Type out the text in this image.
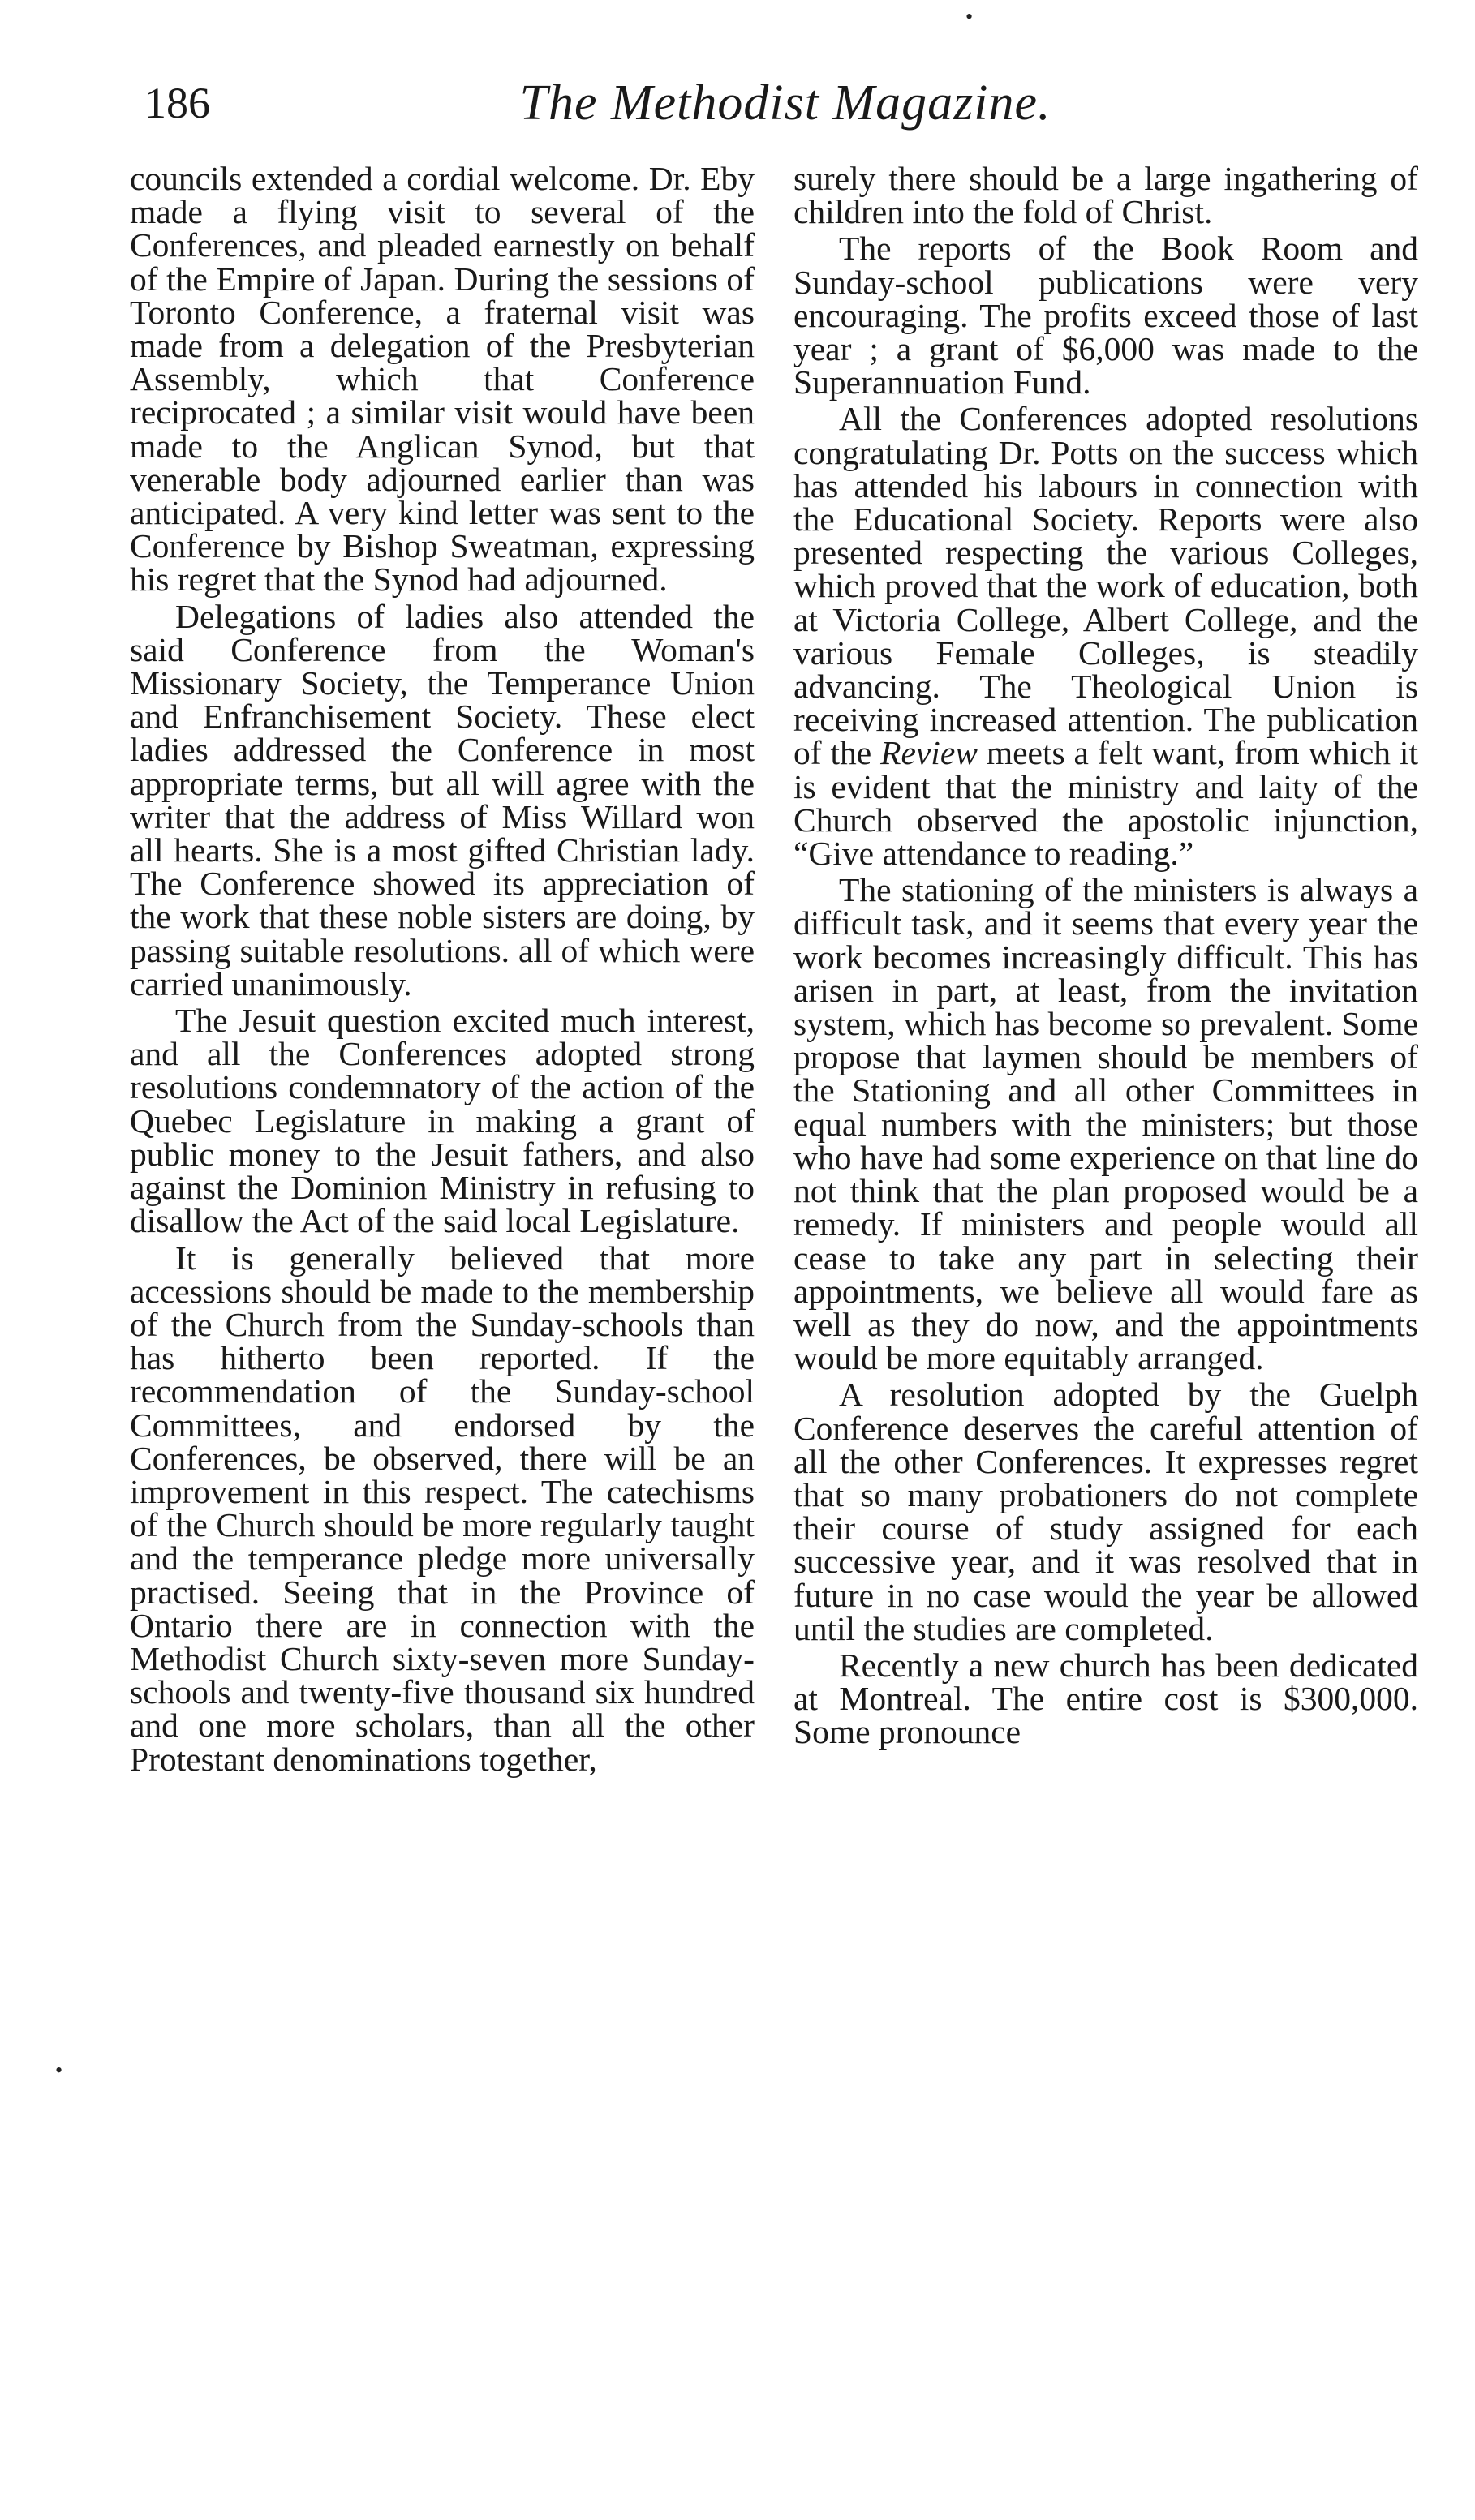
•
•
186	The Methodist Magazine.

councils extended a cordial welcome. Dr. Eby made a flying visit to several of the Conferences, and pleaded earnestly on behalf of the Empire of Japan. During the sessions of Toronto Conference, a fraternal visit was made from a delegation of the Presbyterian Assembly, which that Conference reciprocated ; a similar visit would have been made to the Anglican Synod, but that venerable body adjourned earlier than was anticipated. A very kind letter was sent to the Conference by Bishop Sweatman, expressing his regret that the Synod had adjourned.

Delegations of ladies also attended the said Conference from the Woman's Missionary Society, the Temperance Union and Enfranchisement Society. These elect ladies addressed the Conference in most appropriate terms, but all will agree with the writer that the address of Miss Willard won all hearts. She is a most gifted Christian lady. The Conference showed its appreciation of the work that these noble sisters are doing, by passing suitable resolutions. all of which were carried unanimously.

The Jesuit question excited much interest, and all the Conferences adopted strong resolutions condemnatory of the action of the Quebec Legislature in making a grant of public money to the Jesuit fathers, and also against the Dominion Ministry in refusing to disallow the Act of the said local Legislature.

It is generally believed that more accessions should be made to the membership of the Church from the Sunday-schools than has hitherto been reported. If the recommendation of the Sunday-school Committees, and endorsed by the Conferences, be observed, there will be an improvement in this respect. The catechisms of the Church should be more regularly taught and the temperance pledge more universally practised. Seeing that in the Province of Ontario there are in connection with the Methodist Church sixty-seven more Sunday-schools and twenty-five thousand six hundred and one more scholars, than all the other Protestant denominations together,

surely there should be a large ingathering of children into the fold of Christ.

The reports of the Book Room and Sunday-school publications were very encouraging. The profits exceed those of last year ; a grant of $6,000 was made to the Superannuation Fund.

All the Conferences adopted resolutions congratulating Dr. Potts on the success which has attended his labours in connection with the Educational Society. Reports were also presented respecting the various Colleges, which proved that the work of education, both at Victoria College, Albert College, and the various Female Colleges, is steadily advancing. The Theological Union is receiving increased attention. The publication of the Review meets a felt want, from which it is evident that the ministry and laity of the Church observed the apostolic injunction, “Give attendance to reading.”

The stationing of the ministers is always a difficult task, and it seems that every year the work becomes increasingly difficult. This has arisen in part, at least, from the invitation system, which has become so prevalent. Some propose that laymen should be members of the Stationing and all other Committees in equal numbers with the ministers; but those who have had some experience on that line do not think that the plan proposed would be a remedy. If ministers and people would all cease to take any part in selecting their appointments, we believe all would fare as well as they do now, and the appointments would be more equitably arranged.

A resolution adopted by the Guelph Conference deserves the careful attention of all the other Conferences. It expresses regret that so many probationers do not complete their course of study assigned for each successive year, and it was resolved that in future in no case would the year be allowed until the studies are completed.

Recently a new church has been dedicated at Montreal. The entire cost is $300,000. Some pronounce
